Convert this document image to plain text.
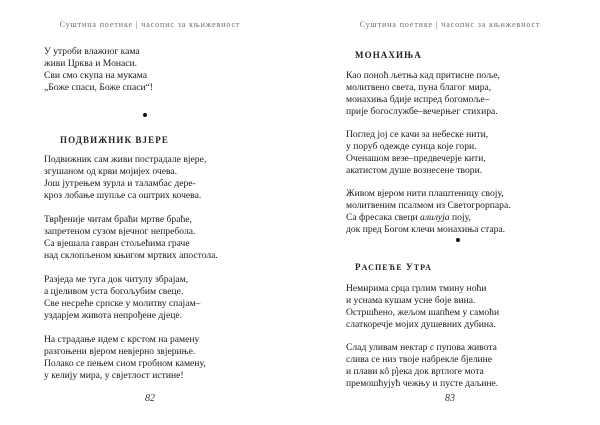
Суштина поетике | часопис за књижевност
У утроби влажног кама
живи Црква и Монаси.
Сви смо скупа на мукама
„Боже спаси, Боже спаси“!
ПОДВИЖНИК ВЈЕРЕ
Подвижник сам живи пострадале вјере,
згушаном од крви мојијех очева.
Још јутрењем зурла и таламбас дере-
кроз лобање шупље са оштрих кочева.
Тврђеније читам браћи мртве браће,
запретеном сузом вјечног непребола.
Са вјешала гавран стољећима граче
над склопљеном књигом мртвих апостола.
Разједа ме туга док читулу збрајам,
а цјеливом уста богољубим свеце.
Све несреће српске у молитву спајам–
уздарјем живота непрођене дјеце.
На страдање идем с крстом на рамену
разгоњени вјером невјерно звјериње.
Полако се пењем сном гробном камену,
у келију мира, у свјетлост истине!
82
Суштина поетике | часопис за књижевност
МОНАХИЊА
Као поноћ љетња кад притисне поље,
молитвено света, пуна благог мира,
монахиња бдије испред богомоље–
прије богослужбе–вечерњег стихира.
Поглед јој се качи за небеске нити,
у поруб одежде сунца које гори.
Оченашом везе–предвечерје кити,
акатистом душе вознесене твори.
Живом вјером нити плаштеницу своју,
молитвеним псалмом из Светогрорпара.
Са фресака свеци алилуја поју,
док пред Богом клечи монахиња стара.
РАСПЕЋЕ УТРА
Немирима срца грлим тмину ноћи
и уснама кушам усне боје вина.
Остршћено, жељом шапћем у самоћи
слаткоречје мојих душевних дубина.
Слад уливам нектар с пупова живота
слива се низ твоје набрекле бјелине
и плави кô р̓јека док вртлоге мота
премошћујућ чежњу и пусте даљине.
83
